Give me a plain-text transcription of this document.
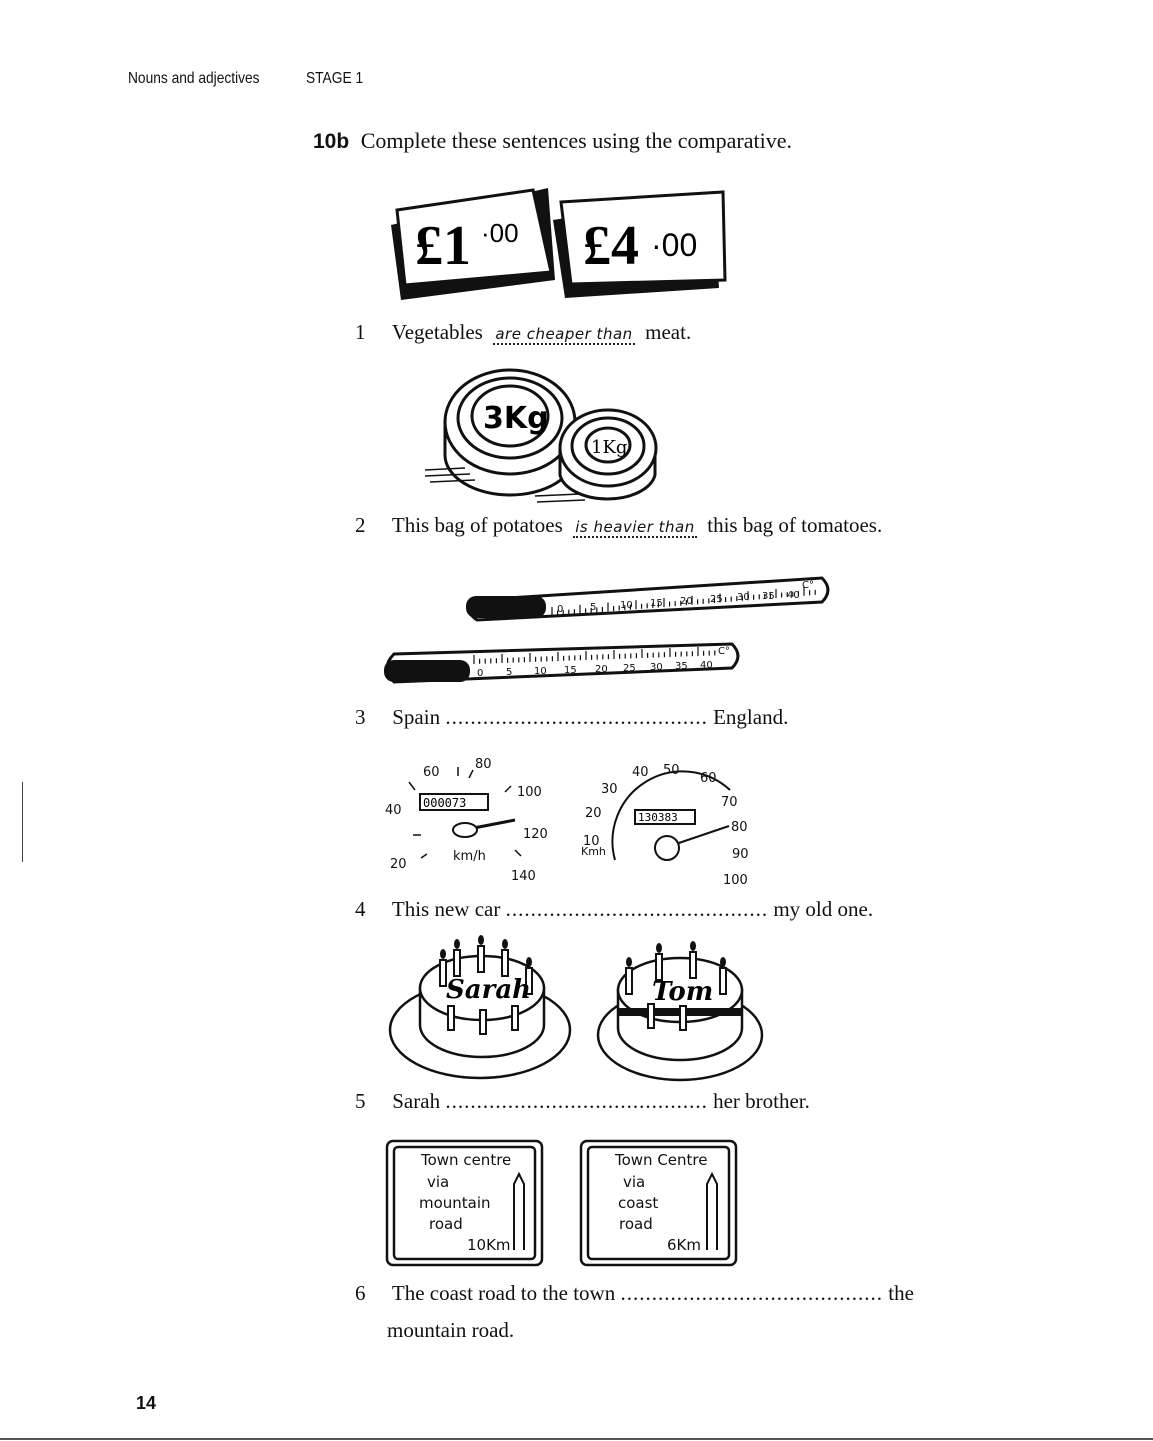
Nouns and adjectives	STAGE 1
10b Complete these sentences using the comparative.
£1 ·00 £4 ·00
1 Vegetables are cheaper than meat.
3Kg
1Kg
2 This bag of potatoes is heavier than this bag of tomatoes.
0	5 10 15 20 25 30 35 40
C°
0 5 10 15 20 25 30 35 40
C°
3 Spain .......................................... England.
40
20
60
80
100
120
140
km/h
000073
10
20
30
40 50
60
70
80
90
100
Kmh
130383
4 This new car .......................................... my old one.
Sarah	Tom
5 Sarah .......................................... her brother.
Town centre
via
mountain
road
10Km
Town Centre
via
coast
road
6Km
6 The coast road to the town .......................................... the
mountain road.
14
